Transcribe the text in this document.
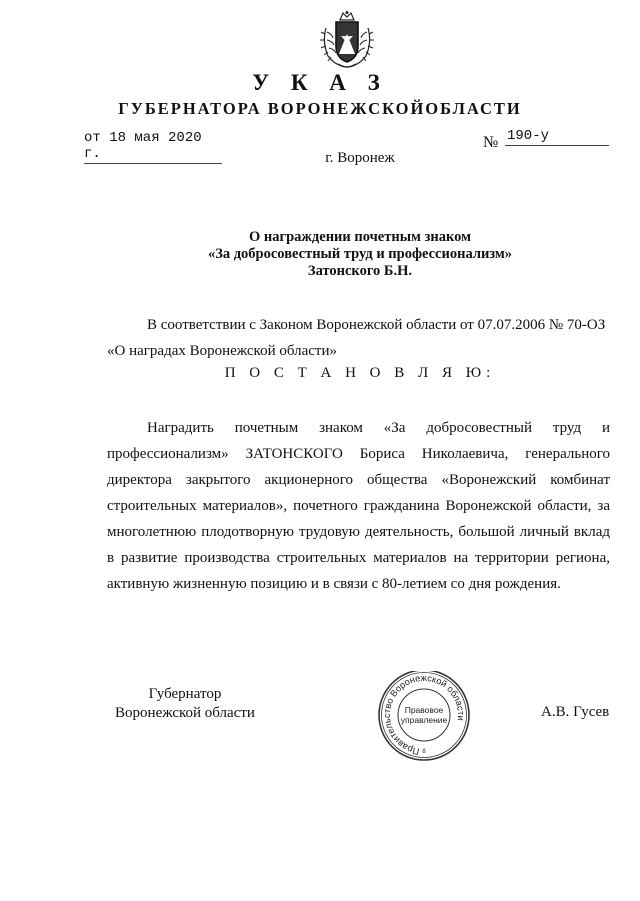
У К А З
ГУБЕРНАТОРА ВОРОНЕЖСКОЙОБЛАСТИ
от 18 мая 2020 г.
№ 190-у
г. Воронеж
О награждении почетным знаком
«За добросовестный труд и профессионализм»
Затонского Б.Н.
В соответствии с Законом Воронежской области от 07.07.2006 № 70-ОЗ «О наградах Воронежской области»
П О С Т А Н О В Л Я Ю:
Наградить почетным знаком «За добросовестный труд и профессионализм» ЗАТОНСКОГО Бориса Николаевича, генерального директора закрытого акционерного общества «Воронежский комбинат строительных материалов», почетного гражданина Воронежской области, за многолетнюю плодотворную трудовую деятельность, большой личный вклад в развитие производства строительных материалов на территории региона, активную жизненную позицию и в связи с 80-летием со дня рождения.
Губернатор
Воронежской области
Правительство Воронежской области
Правовое
управление
8
А.В. Гусев
